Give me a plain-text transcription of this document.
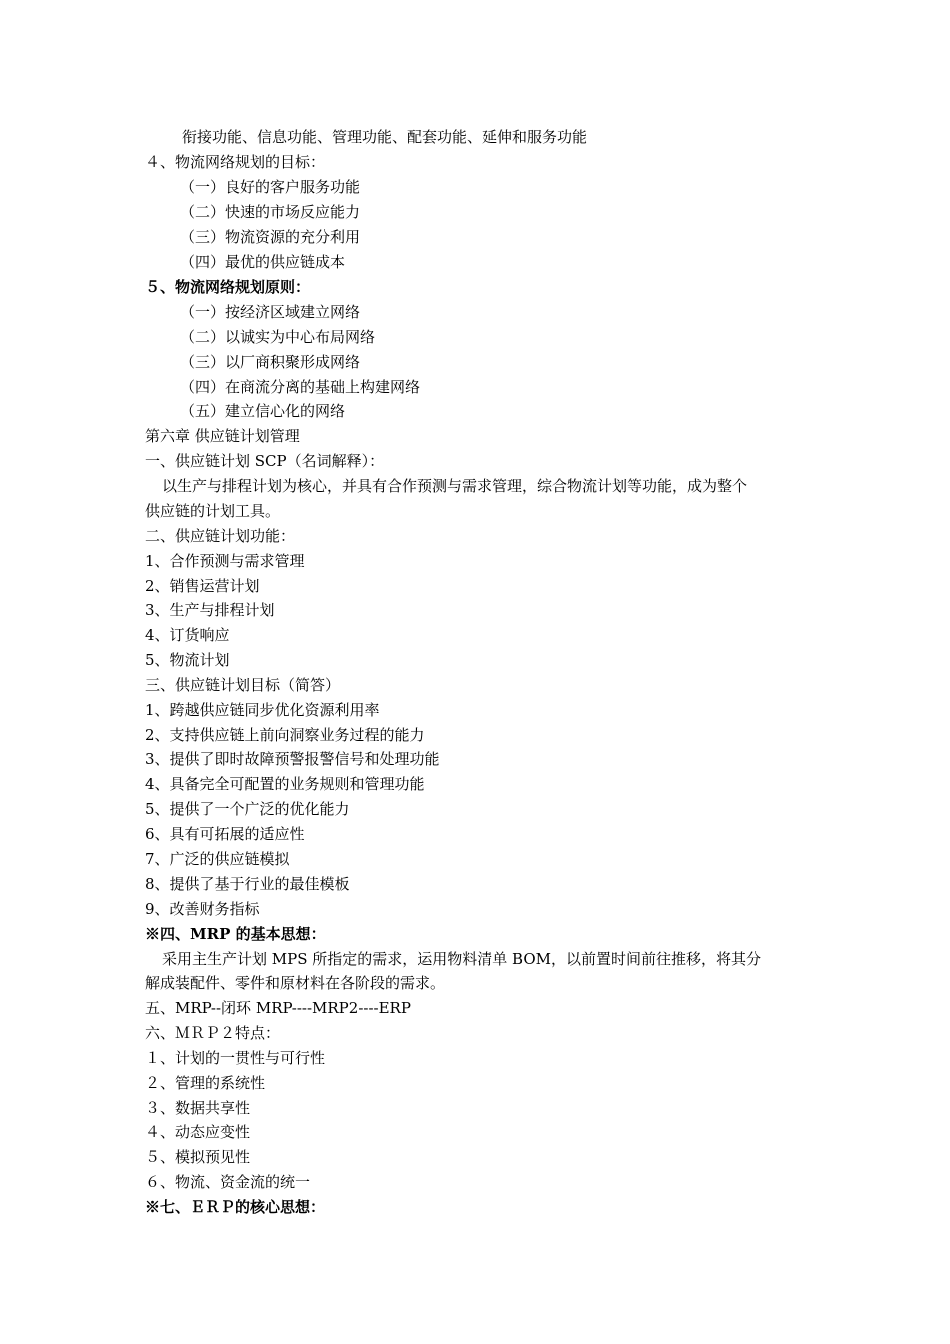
衔接功能、信息功能、管理功能、配套功能、延伸和服务功能
４、物流网络规划的目标：
（一）良好的客户服务功能
（二）快速的市场反应能力
（三）物流资源的充分利用
（四）最优的供应链成本
５、物流网络规划原则：
（一）按经济区域建立网络
（二）以诚实为中心布局网络
（三）以厂商积聚形成网络
（四）在商流分离的基础上构建网络
（五）建立信心化的网络
第六章 供应链计划管理
一、供应链计划 SCP（名词解释）：
以生产与排程计划为核心，并具有合作预测与需求管理，综合物流计划等功能，成为整个
供应链的计划工具。
二、供应链计划功能：
1、合作预测与需求管理
2、销售运营计划
3、生产与排程计划
4、订货响应
5、物流计划
三、供应链计划目标（简答）
1、跨越供应链同步优化资源利用率
2、支持供应链上前向洞察业务过程的能力
3、提供了即时故障预警报警信号和处理功能
4、具备完全可配置的业务规则和管理功能
5、提供了一个广泛的优化能力
6、具有可拓展的适应性
7、广泛的供应链模拟
8、提供了基于行业的最佳模板
9、改善财务指标
※四、MRP 的基本思想：
采用主生产计划 MPS 所指定的需求，运用物料清单 BOM，以前置时间前往推移，将其分
解成装配件、零件和原材料在各阶段的需求。
五、MRP--闭环 MRP----MRP2----ERP
六、ＭＲＰ２特点：
１、计划的一贯性与可行性
２、管理的系统性
３、数据共享性
４、动态应变性
５、模拟预见性
６、物流、资金流的统一
※七、ＥＲＰ的核心思想：
